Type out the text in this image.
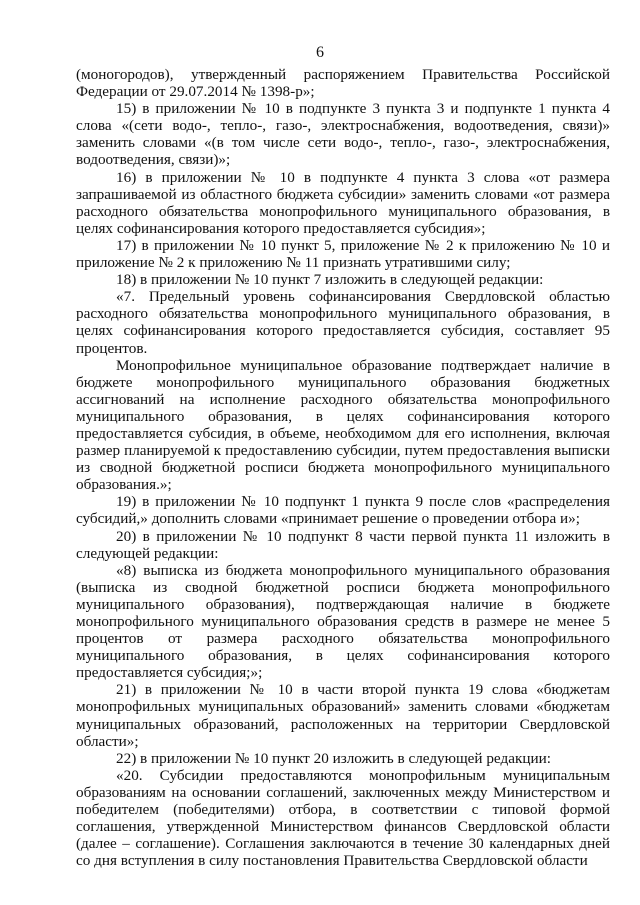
6

(моногородов), утвержденный распоряжением Правительства Российской Федерации от 29.07.2014 № 1398-р»;

15) в приложении № 10 в подпункте 3 пункта 3 и подпункте 1 пункта 4 слова «(сети водо-, тепло-, газо-, электроснабжения, водоотведения, связи)» заменить словами «(в том числе сети водо-, тепло-, газо-, электроснабжения, водоотведения, связи)»;

16) в приложении № 10 в подпункте 4 пункта 3 слова «от размера запрашиваемой из областного бюджета субсидии» заменить словами «от размера расходного обязательства монопрофильного муниципального образования, в целях софинансирования которого предоставляется субсидия»;

17) в приложении № 10 пункт 5, приложение № 2 к приложению № 10 и приложение № 2 к приложению № 11 признать утратившими силу;

18) в приложении № 10 пункт 7 изложить в следующей редакции:

«7. Предельный уровень софинансирования Свердловской областью расходного обязательства монопрофильного муниципального образования, в целях софинансирования которого предоставляется субсидия, составляет 95 процентов.

Монопрофильное муниципальное образование подтверждает наличие в бюджете монопрофильного муниципального образования бюджетных ассигнований на исполнение расходного обязательства монопрофильного муниципального образования, в целях софинансирования которого предоставляется субсидия, в объеме, необходимом для его исполнения, включая размер планируемой к предоставлению субсидии, путем предоставления выписки из сводной бюджетной росписи бюджета монопрофильного муниципального образования.»;

19) в приложении № 10 подпункт 1 пункта 9 после слов «распределения субсидий,» дополнить словами «принимает решение о проведении отбора и»;

20) в приложении № 10 подпункт 8 части первой пункта 11 изложить в следующей редакции:

«8) выписка из бюджета монопрофильного муниципального образования (выписка из сводной бюджетной росписи бюджета монопрофильного муниципального образования), подтверждающая наличие в бюджете монопрофильного муниципального образования средств в размере не менее 5 процентов от размера расходного обязательства монопрофильного муниципального образования, в целях софинансирования которого предоставляется субсидия;»;

21) в приложении № 10 в части второй пункта 19 слова «бюджетам монопрофильных муниципальных образований» заменить словами «бюджетам муниципальных образований, расположенных на территории Свердловской области»;

22) в приложении № 10 пункт 20 изложить в следующей редакции:

«20. Субсидии предоставляются монопрофильным муниципальным образованиям на основании соглашений, заключенных между Министерством и победителем (победителями) отбора, в соответствии с типовой формой соглашения, утвержденной Министерством финансов Свердловской области (далее – соглашение). Соглашения заключаются в течение 30 календарных дней со дня вступления в силу постановления Правительства Свердловской области
